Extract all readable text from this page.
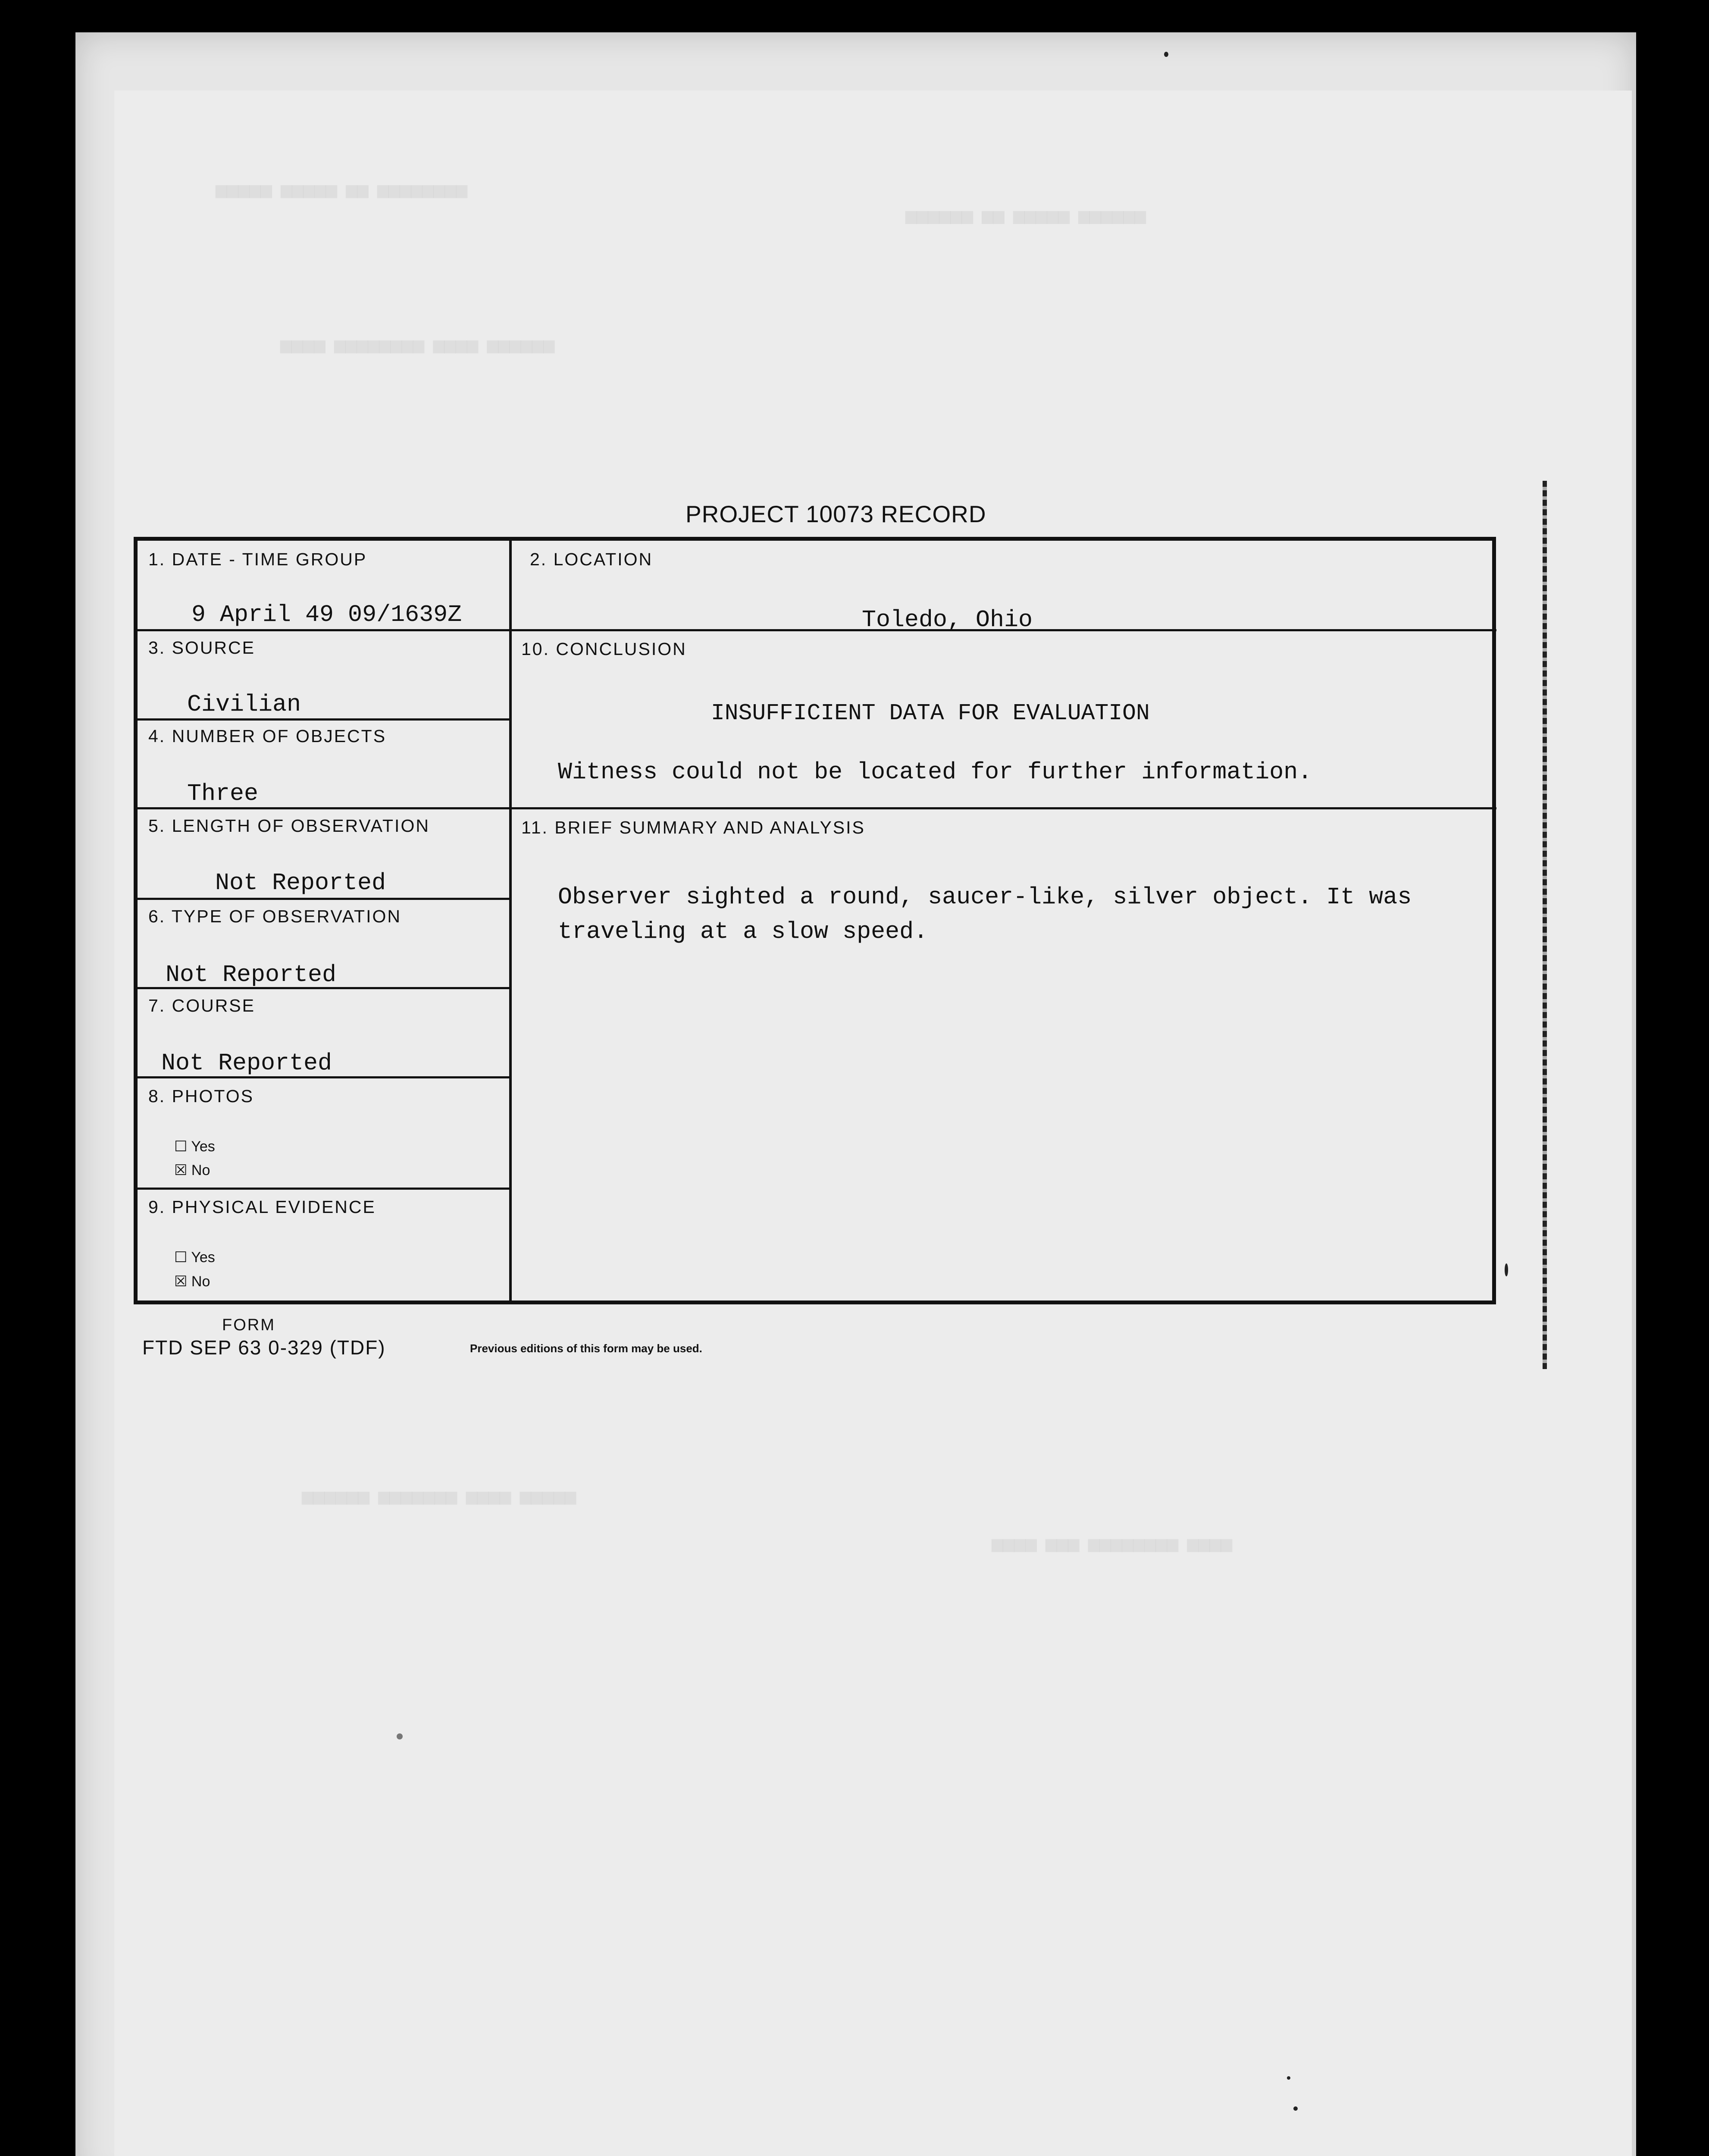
▆▆▆▆▆ ▆▆▆▆▆ ▆▆ ▆▆▆▆▆▆▆▆
▆▆▆▆▆▆ ▆▆ ▆▆▆▆▆ ▆▆▆▆▆▆
▆▆▆▆ ▆▆▆▆▆▆▆▆ ▆▆▆▆ ▆▆▆▆▆▆
▆▆▆▆▆▆ ▆▆▆▆▆▆▆ ▆▆▆▆ ▆▆▆▆▆
▆▆▆▆ ▆▆▆ ▆▆▆▆▆▆▆▆ ▆▆▆▆
PROJECT 10073 RECORD
1. DATE - TIME GROUP
9 April 49 09/1639Z
2. LOCATION
Toledo, Ohio
3. SOURCE
Civilian
4. NUMBER OF OBJECTS
Three
5. LENGTH OF OBSERVATION
Not Reported
6. TYPE OF OBSERVATION
Not Reported
7. COURSE
Not Reported
8. PHOTOS
☐ Yes
☒ No
9. PHYSICAL EVIDENCE
☐ Yes
☒ No
10. CONCLUSION
INSUFFICIENT DATA FOR EVALUATION
Witness could not be located for further information.
11. BRIEF SUMMARY AND ANALYSIS
Observer sighted a round, saucer-like, silver object. It was
traveling at a slow speed.
FORM
FTD SEP 63 0-329 (TDF)	Previous editions of this form may be used.
